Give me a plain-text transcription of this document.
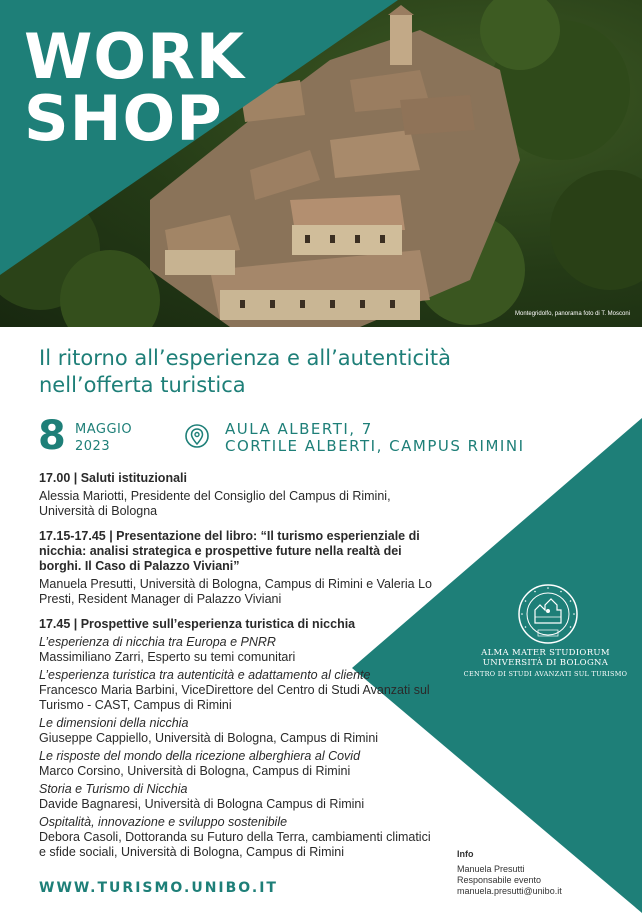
WORK
SHOP
Montegridolfo, panorama foto di T. Mosconi
Il ritorno all’esperienza e all’autenticità nell’offerta turistica
8 MAGGIO
2023
AULA ALBERTI, 7
CORTILE ALBERTI, CAMPUS RIMINI
17.00 | Saluti istituzionali
Alessia Mariotti, Presidente del Consiglio del Campus di Rimini, Università di Bologna
17.15-17.45 | Presentazione del libro: “Il turismo esperienziale di nicchia: analisi strategica e prospettive future nella realtà dei borghi. Il Caso di Palazzo Viviani”
Manuela Presutti, Università di Bologna, Campus di Rimini e Valeria Lo Presti, Resident Manager di Palazzo Viviani
17.45 | Prospettive sull’esperienza turistica di nicchia
L’esperienza di nicchia tra Europa e PNRR
Massimiliano Zarri, Esperto su temi comunitari
L’esperienza turistica tra autenticità e adattamento al cliente
Francesco Maria Barbini, ViceDirettore del Centro di Studi Avanzati sul Turismo - CAST, Campus di Rimini
Le dimensioni della nicchia
Giuseppe Cappiello, Università di Bologna, Campus di Rimini
Le risposte del mondo della ricezione alberghiera al Covid
Marco Corsino, Università di Bologna, Campus di Rimini
Storia e Turismo di Nicchia
Davide Bagnaresi, Università di Bologna Campus di Rimini
Ospitalità, innovazione e sviluppo sostenibile
Debora Casoli, Dottoranda su Futuro della Terra, cambiamenti climatici e sfide sociali, Università di Bologna, Campus di Rimini
ALMA MATER STUDIORUM
UNIVERSITÀ DI BOLOGNA
CENTRO DI STUDI AVANZATI SUL TURISMO
WWW.TURISMO.UNIBO.IT
Info
Manuela Presutti
Responsabile evento
manuela.presutti@unibo.it
